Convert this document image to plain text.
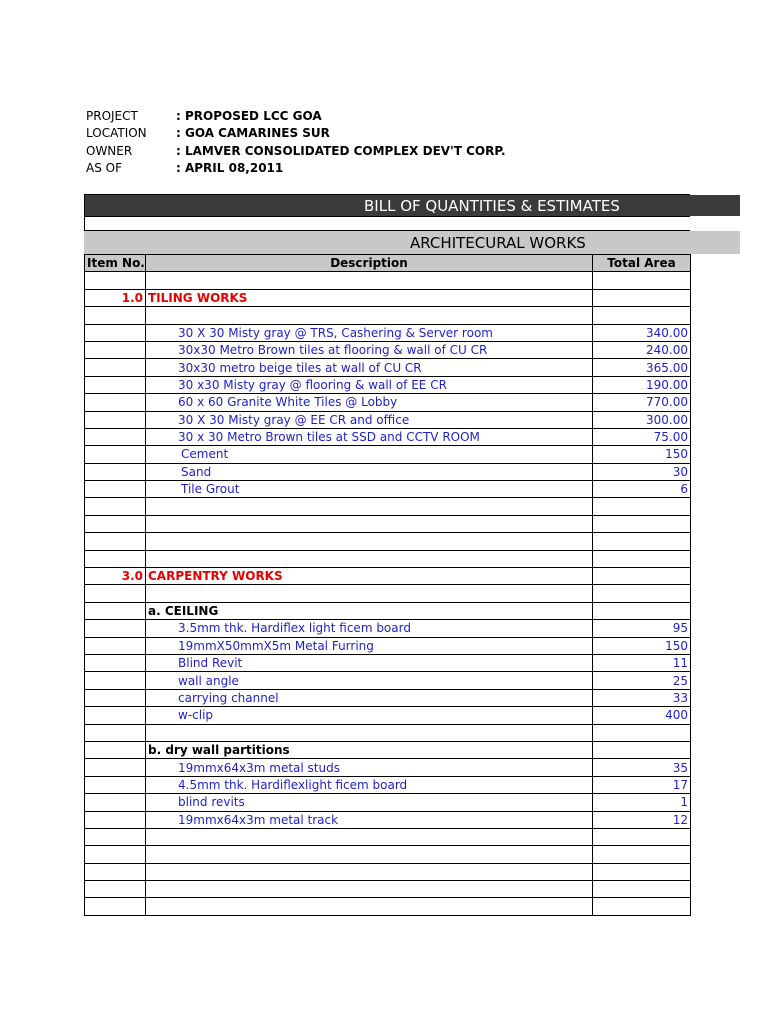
PROJECT	: PROPOSED LCC GOA
LOCATION	: GOA CAMARINES SUR
OWNER	: LAMVER CONSOLIDATED COMPLEX DEV'T CORP.
AS OF	: APRIL 08,2011
BILL OF QUANTITIES & ESTIMATES
ARCHITECURAL WORKS
Item No.	Description	Total Area

1.0	TILING WORKS	

	30 X 30 Misty gray @ TRS, Cashering & Server room	340.00
	30x30 Metro Brown tiles at flooring & wall of CU CR	240.00
	30x30 metro beige tiles at wall of CU CR	365.00
	30 x30 Misty gray @ flooring & wall of EE CR	190.00
	60 x 60 Granite White Tiles @ Lobby	770.00
	30 X 30 Misty gray @ EE CR and office	300.00
	30 x 30 Metro Brown tiles at SSD and CCTV ROOM	75.00
	Cement	150
	Sand	30
	Tile Grout	6

3.0	CARPENTRY WORKS	

	a. CEILING	
	3.5mm thk. Hardiflex light ficem board	95
	19mmX50mmX5m Metal Furring	150
	Blind Revit	11
	wall angle	25
	carrying channel	33
	w-clip	400

	b. dry wall partitions	
	19mmx64x3m metal studs	35
	4.5mm thk. Hardiflexlight ficem board	17
	blind revits	1
	19mmx64x3m metal track	12
